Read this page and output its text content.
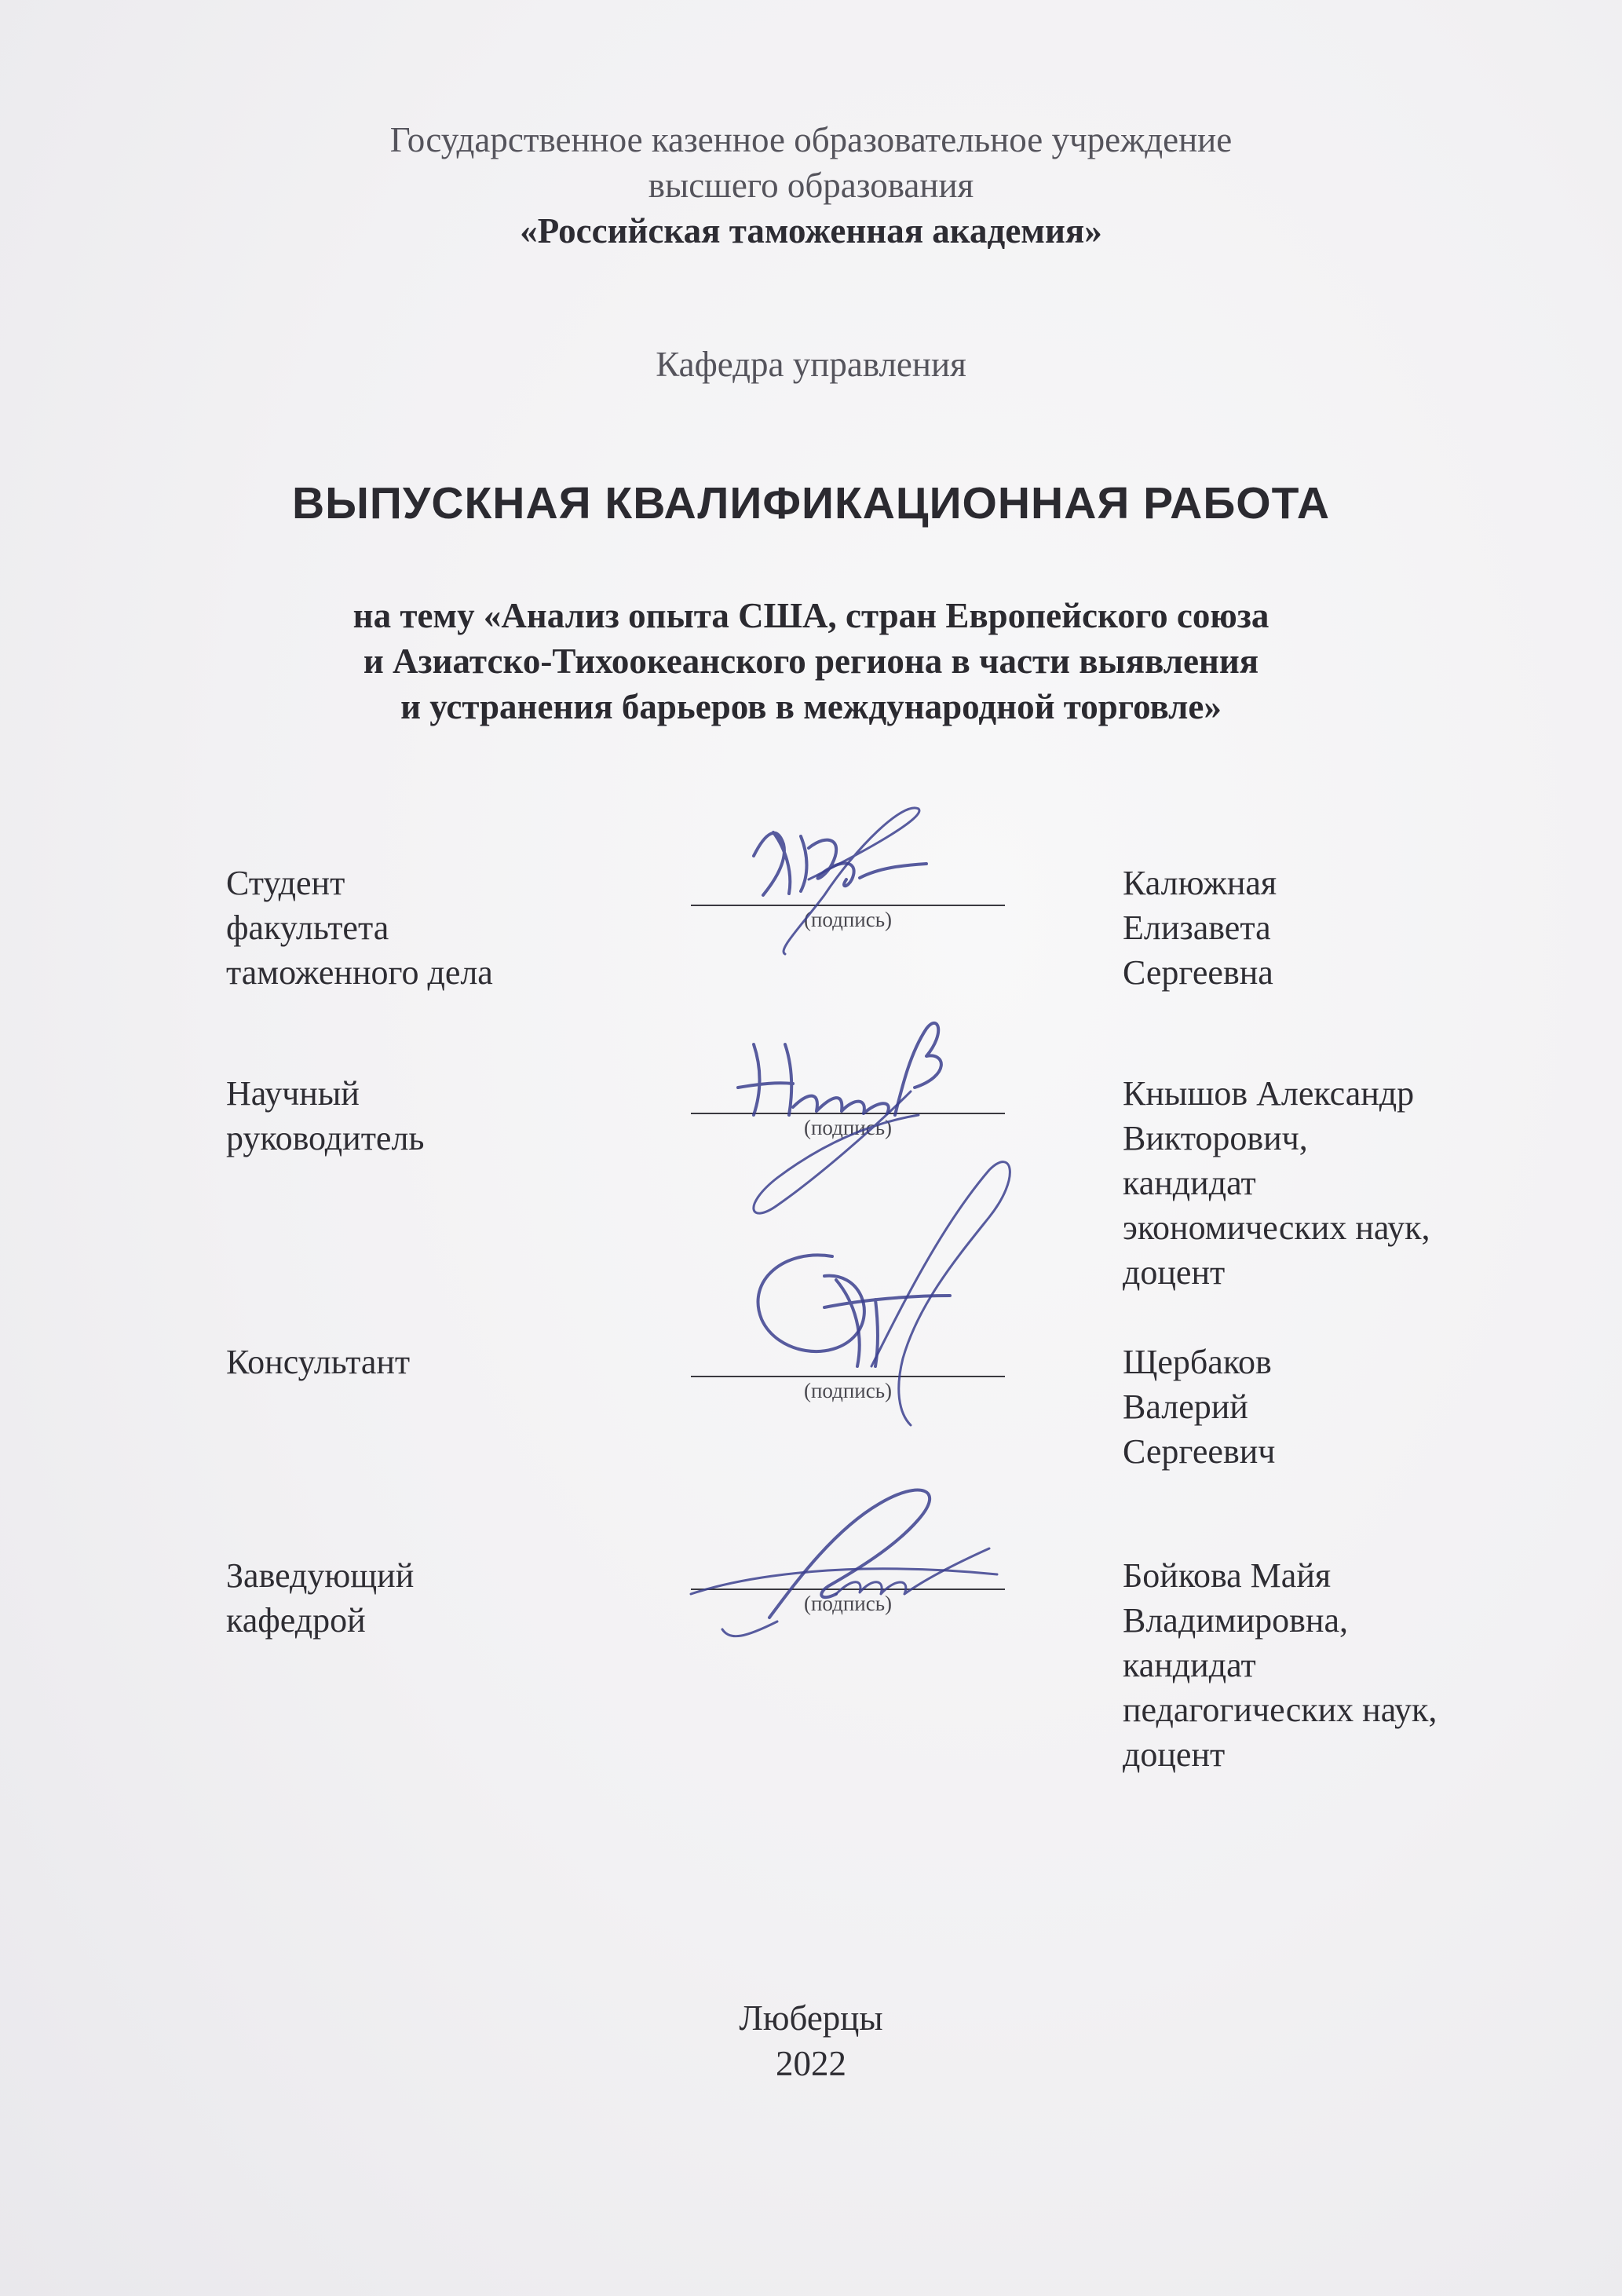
Государственное казенное образовательное учреждение
высшего образования
«Российская таможенная академия»
Кафедра управления
ВЫПУСКНАЯ КВАЛИФИКАЦИОННАЯ РАБОТА
на тему «Анализ опыта США, стран Европейского союза
и Азиатско-Тихоокеанского региона в части выявления
и устранения барьеров в международной торговле»
Студент
факультета
таможенного дела
(подпись)
Калюжная
Елизавета
Сергеевна
Научный
руководитель	(подпись)
Кнышов Александр
Викторович,
кандидат
экономических наук,
доцент
Консультант
(подпись)
Щербаков
Валерий
Сергеевич
Заведующий
кафедрой	(подпись)
Бойкова Майя
Владимировна,
кандидат
педагогических наук,
доцент
Люберцы
2022
